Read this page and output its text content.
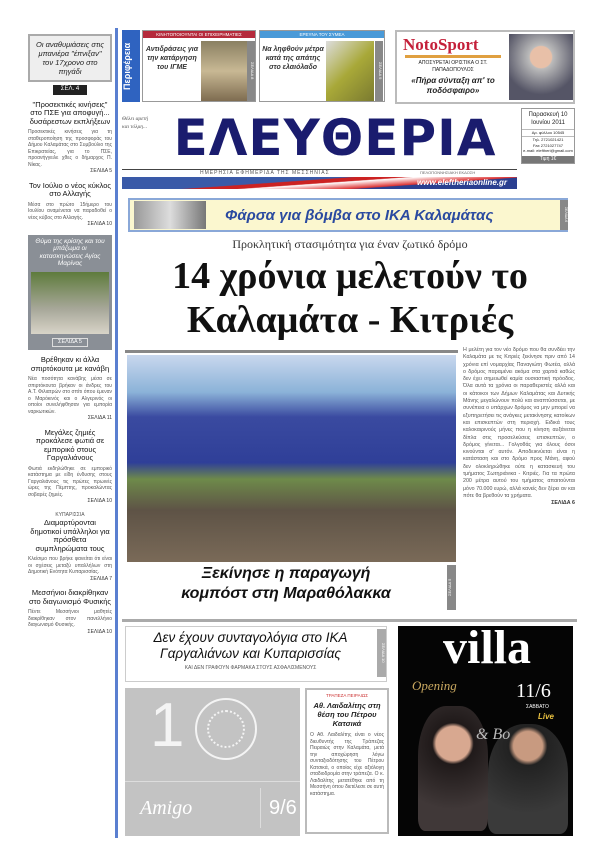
Οι αναθυμιάσεις στις μπανιέρα "έπνιξαν" τον 17χρονο στο πηγάδι
ΣΕΛ. 4
"Προσεκτικές κινήσεις" στο ΠΣΕ για αποφυγή... δυσάρεστων εκπλήξεων

Προσεκτικές κινήσεις για τη σταθεροποίηση της προσφοράς του Δήμου Καλαμάτας στο Συμβούλιο της Επικρατείας, για το ΠΣΕ, προανήγγειλε χθες ο δήμαρχος Π. Νίκας.

ΣΕΛΙΔΑ 5
Τον Ιούλιο ο νέος κύκλος στο Αλλαγής

Μέσα στο πρώτο 15ήμερο του Ιουλίου αναμένεται να παραδοθεί ο νέος κύβος στο Αλλαγής.

ΣΕΛΙΔΑ 10
Θύμα της κρίσης και του μπάζωμα οι κατασκηνώσεις Αγίας Μαρίνας
ΣΕΛΙΔΑ 5
Βρέθηκαν κι άλλα σπιρτόκουτα με κανάβη

Νέα ποσότητα κανάβης μέσα σε σπιρτόκουτα βρήκαν οι άνδρες του Α.Τ. Φιλιατρών στο σπίτι όπου έμεναν ο Μαρόκινός και ο Αλγερινός οι οποίοι συνελήφθησαν για εμπορία ναρκωτικών.

ΣΕΛΙΔΑ 11
Μεγάλες ζημιές προκάλεσε φωτιά σε εμπορικό στους Γαργαλιάνους

Φωτιά εκδηλώθηκε σε εμπορικό κατάστημα με είδη ένδυσης στους Γαργαλιάνους τις πρώτες πρωινές ώρες της Πέμπτης, προκαλώντας σοβαρές ζημιές.

ΣΕΛΙΔΑ 10
ΚΥΠΑΡΙΣΣΙΑ
Διαμαρτύρονται δημοτικοί υπάλληλοι για πρόσθετα συμπληρώματα τους

Κλείσιμο που βρήκε φανείται ότι είναι οι σχέσεις μεταξύ υπαλλήλων στη Δημοτική Ενότητα Κυπαρισσίας.

ΣΕΛΙΔΑ 7
Μεσσήνιοι διακρίθηκαν στο διαγωνισμό Φυσικής

Πέντε Μεσσήνιοι μαθητές διακρίθηκαν στον πανελλήνιο διαγωνισμό Φυσικής.

ΣΕΛΙΔΑ 10
Περιφέρεια
ΚΙΝΗΤΟΠΟΙΟΥΝΤΑΙ ΟΙ ΕΠΙΧΕΙΡΗΜΑΤΙΕΣ
Αντιδράσεις για την κατάργηση του ΙΓΜΕ	ΣΕΛΙΔΑ 8
ΕΡΕΥΝΑ ΤΟΥ ΣΥΜΕΑ
Να ληφθούν μέτρα κατά της απάτης στο ελαιόλαδο	ΣΕΛΙΔΑ 9
NotoSport
ΑΠΟΣΥΡΕΤΑΙ ΟΡΙΣΤΙΚΑ Ο ΣΤ. ΠΑΠΑΔΟΠΟΥΛΟΣ
«Πήρα σύνταξη απ' το ποδόσφαιρο»
Θέλει αρετή και τόλμη... ΕΛΕΥΘΕΡΙΑ
ΗΜΕΡΗΣΙΑ ΕΦΗΜΕΡΙΔΑ ΤΗΣ ΜΕΣΣΗΝΙΑΣ	ΠΕΛΟΠΟΝΝΗΣΙΑΚΗ ΕΚΔΟΣΗ
www.eleftheriaonline.gr
Παρασκευή 10 Ιουνίου 2011
Αρ. φύλλου 10545
Τηλ. 2721021421
Fax 2721027747
e-mail: eleftheri@gmail.com
Τιμή 1€
Φάρσα για βόμβα στο ΙΚΑ Καλαμάτας	ΣΕΛΙΔΑ 6
Προκλητική στασιμότητα για έναν ζωτικό δρόμο
14 χρόνια μελετούν το
Καλαμάτα - Κιτριές
Ξεκίνησε η παραγωγή
κομπόστ στη Μαραθόλακκα	ΣΕΛΙΔΑ 5
Η μελέτη για τον νέο δρόμο που θα συνδέει την Καλαμάτα με τις Κιτριές ξεκίνησε πριν από 14 χρόνια επί νομαρχίας Παναγιώτη Φωτέα, αλλά ο δρόμος παραμένει ακόμα στα χαρτιά καθώς δεν έχει σημειωθεί καμία ουσιαστική πρόοδος. Όλα αυτά τα χρόνια οι παραθεριστές αλλά και οι κάτοικοι των Δήμων Καλαμάτας και Δυτικής Μάνης μεγαλώνουν πολύ και αναπτύσσεται, με συνέπεια ο υπάρχων δρόμος να μην μπορεί να εξυπηρετήσει τις ανάγκες μετακίνησης κατοίκων και επισκεπτών στη περιοχή. Ειδικά τους καλοκαιρινούς μήνες που η κίνηση αυξάνεται δίπλα στις προσελκύσεις επισκεπτών, ο δρόμος γίνεται... Γολγοθάς για όλους όσοι κινούνται σ' αυτόν. Αποδεικνύεται είναι η κατάσταση και στο δρόμο προς Μάνη, αφού δεν ολοκληρώθηκε ούτε η κατασκευή του τμήματος Σωτηριάνικα - Κιτριές. Για τα πρώτα 200 μέτρα αυτού του τμήματος απαιτούνται μόνο 70.000 ευρώ, αλλά κανείς δεν ξέρει αν και πότε θα βρεθούν τα χρήματα.
ΣΕΛΙΔΑ 6
Δεν έχουν συνταγολόγια στο ΙΚΑ
Γαργαλιάνων και Κυπαρισσίας
ΚΑΙ ΔΕΝ ΓΡΑΦΟΥΝ ΦΑΡΜΑΚΑ ΣΤΟΥΣ ΑΣΦΑΛΙΣΜΕΝΟΥΣ
ΣΕΛΙΔΑ 10
1
Amigo	9/6
ΤΡΑΠΕΖΑ ΠΕΙΡΑΙΩΣ
Αθ. Λαιδαλίτης στη θέση του Πέτρου Κατσικά
Ο Αθ. Λαιδαλίτης είναι ο νέος διευθυντής της Τράπεζας Πειραιώς στην Καλαμάτα, μετά την αποχώρηση λόγω συνταξιοδότησης του Πέτρου Κατσικά, ο οποίος είχε αξιόλογη σταδιοδρομία στην τράπεζα. Ο κ. Λαιδαλίτης μετατέθηκε από τη Μεσσήνη όπου διετέλεσε σε αυτή κατάστημα.
villa
Opening	11/6
ΣΑΒΒΑΤΟ
Live
& Bo
